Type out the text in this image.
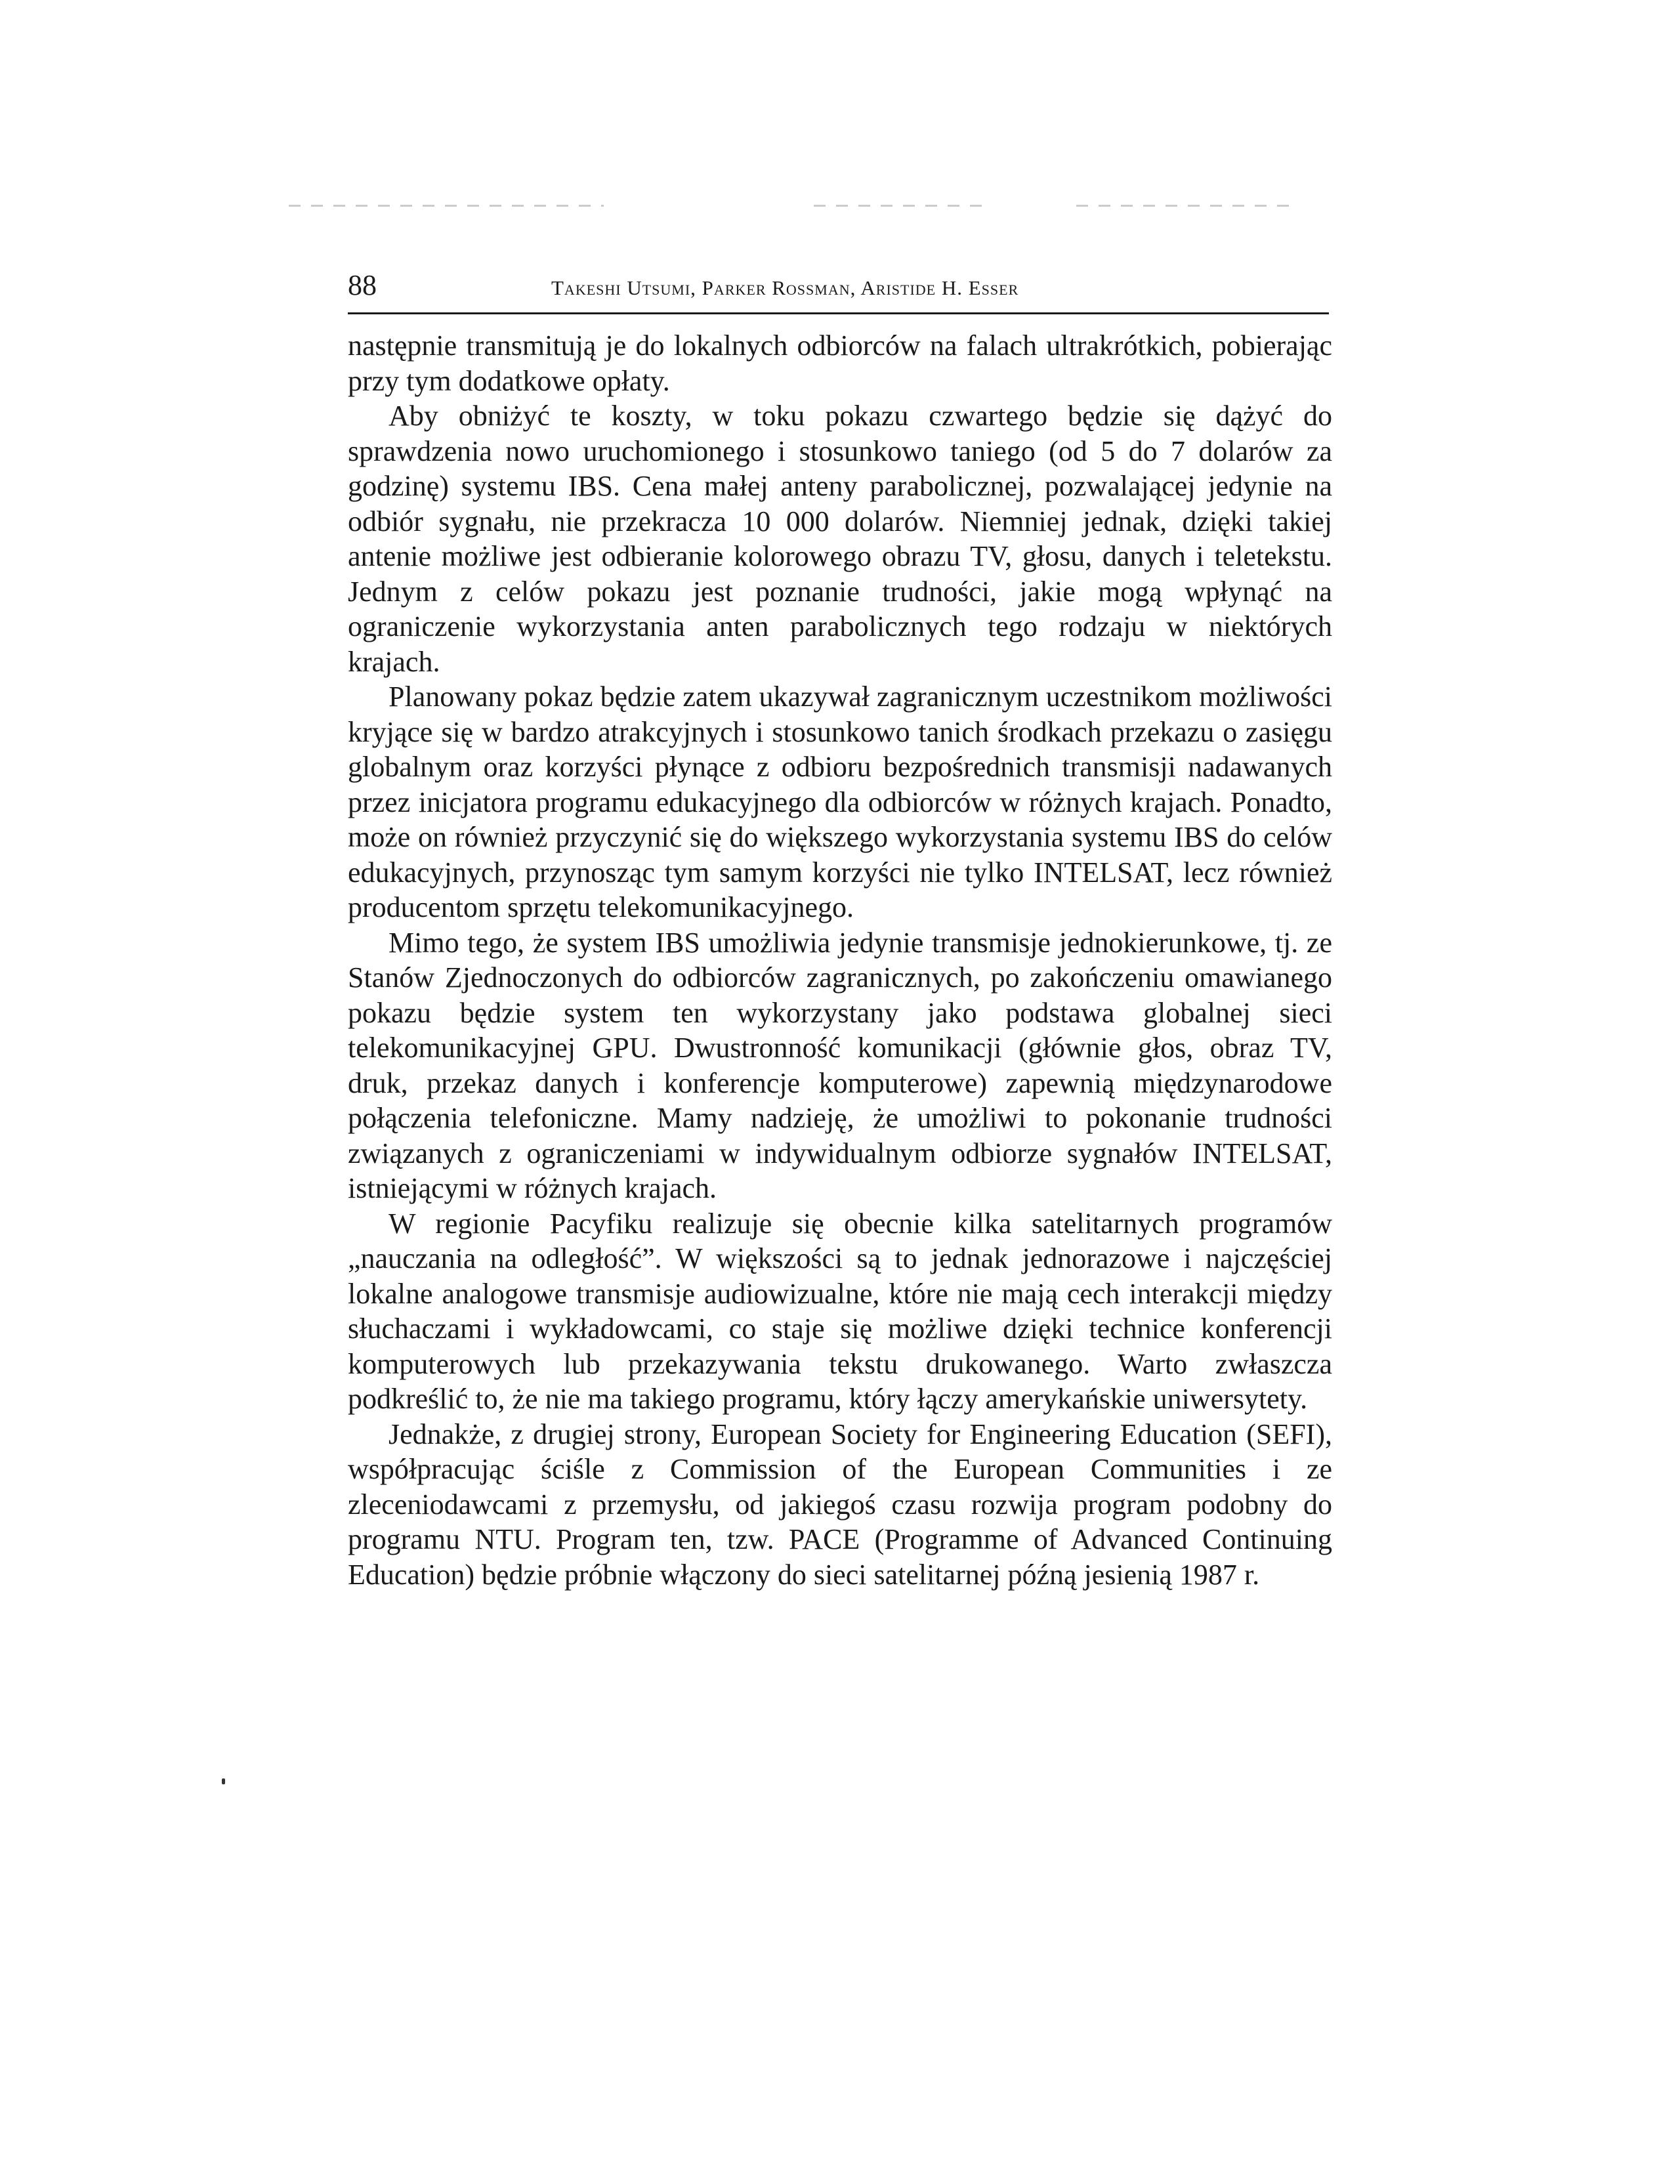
88	Takeshi Utsumi, Parker Rossman, Aristide H. Esser

następnie transmitują je do lokalnych odbiorców na falach ultrakrótkich, pobierając przy tym dodatkowe opłaty.

Aby obniżyć te koszty, w toku pokazu czwartego będzie się dążyć do sprawdzenia nowo uruchomionego i stosunkowo taniego (od 5 do 7 dolarów za godzinę) systemu IBS. Cena małej anteny parabolicznej, pozwalającej jedynie na odbiór sygnału, nie przekracza 10 000 dolarów. Niemniej jednak, dzięki takiej antenie możliwe jest odbieranie kolorowego obrazu TV, głosu, danych i teletekstu. Jednym z celów pokazu jest poznanie trudności, jakie mogą wpłynąć na ograniczenie wykorzystania anten parabolicznych tego rodzaju w niektórych krajach.

Planowany pokaz będzie zatem ukazywał zagranicznym uczestnikom możliwości kryjące się w bardzo atrakcyjnych i stosunkowo tanich środkach przekazu o zasięgu globalnym oraz korzyści płynące z odbioru bezpośrednich transmisji nadawanych przez inicjatora programu edukacyjnego dla odbiorców w różnych krajach. Ponadto, może on również przyczynić się do większego wykorzystania systemu IBS do celów edukacyjnych, przynosząc tym samym korzyści nie tylko INTELSAT, lecz również producentom sprzętu telekomunikacyjnego.

Mimo tego, że system IBS umożliwia jedynie transmisje jednokierunkowe, tj. ze Stanów Zjednoczonych do odbiorców zagranicznych, po zakończeniu omawianego pokazu będzie system ten wykorzystany jako podstawa globalnej sieci telekomunikacyjnej GPU. Dwustronność komunikacji (głównie głos, obraz TV, druk, przekaz danych i konferencje komputerowe) zapewnią międzynarodowe połączenia telefoniczne. Mamy nadzieję, że umożliwi to pokonanie trudności związanych z ograniczeniami w indywidualnym odbiorze sygnałów INTELSAT, istniejącymi w różnych krajach.

W regionie Pacyfiku realizuje się obecnie kilka satelitarnych programów „nauczania na odległość”. W większości są to jednak jednorazowe i najczęściej lokalne analogowe transmisje audiowizualne, które nie mają cech interakcji między słuchaczami i wykładowcami, co staje się możliwe dzięki technice konferencji komputerowych lub przekazywania tekstu drukowanego. Warto zwłaszcza podkreślić to, że nie ma takiego programu, który łączy amerykańskie uniwersytety.

Jednakże, z drugiej strony, European Society for Engineering Education (SEFI), współpracując ściśle z Commission of the European Communities i ze zleceniodawcami z przemysłu, od jakiegoś czasu rozwija program podobny do programu NTU. Program ten, tzw. PACE (Programme of Advanced Continuing Education) będzie próbnie włączony do sieci satelitarnej późną jesienią 1987 r.
